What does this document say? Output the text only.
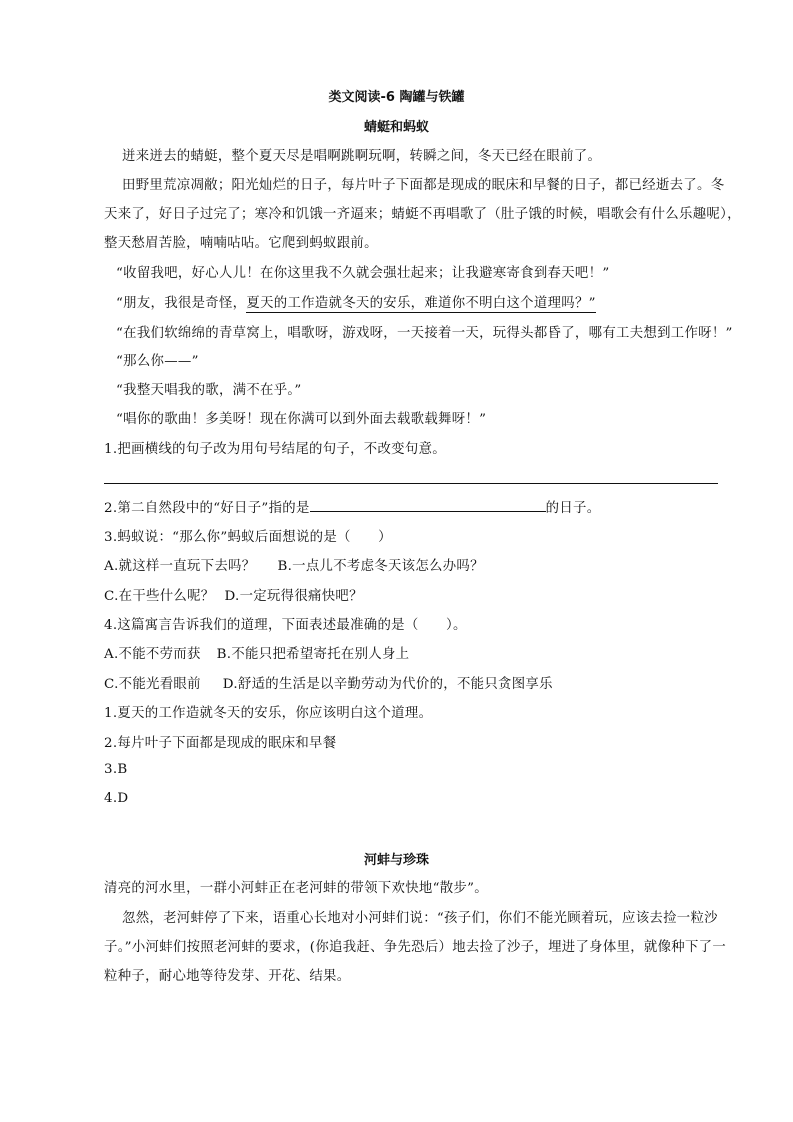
类文阅读-6 陶罐与铁罐
蜻蜓和蚂蚁
迸来迸去的蜻蜓，整个夏天尽是唱啊跳啊玩啊，转瞬之间，冬天已经在眼前了。
田野里荒凉凋敝；阳光灿烂的日子，每片叶子下面都是现成的眠床和早餐的日子，都已经逝去了。冬
天来了，好日子过完了；寒冷和饥饿一齐逼来；蜻蜓不再唱歌了（肚子饿的时候，唱歌会有什么乐趣呢），
整天愁眉苦脸，喃喃呫呫。它爬到蚂蚁跟前。
“收留我吧，好心人儿！在你这里我不久就会强壮起来；让我避寒寄食到春天吧！”
“朋友，我很是奇怪，夏天的工作造就冬天的安乐，难道你不明白这个道理吗？”
“在我们软绵绵的青草窝上，唱歌呀，游戏呀，一天接着一天，玩得头都昏了，哪有工夫想到工作呀！”
“那么你——”
“我整天唱我的歌，满不在乎。”
“唱你的歌曲！多美呀！现在你满可以到外面去载歌载舞呀！”
1.把画横线的句子改为用句号结尾的句子，不改变句意。
2.第二自然段中的“好日子”指的是	的日子。
3.蚂蚁说：“那么你”蚂蚁后面想说的是（　　）
A.就这样一直玩下去吗？ B.一点儿不考虑冬天该怎么办吗？
C.在干些什么呢？ D.一定玩得很痛快吧？
4.这篇寓言告诉我们的道理，下面表述最准确的是（　　）。
A.不能不劳而获 B.不能只把希望寄托在别人身上
C.不能光看眼前 D.舒适的生活是以辛勤劳动为代价的，不能只贪图享乐
1.夏天的工作造就冬天的安乐，你应该明白这个道理。
2.每片叶子下面都是现成的眠床和早餐
3.B
4.D
河蚌与珍珠
清亮的河水里，一群小河蚌正在老河蚌的带领下欢快地“散步”。
忽然，老河蚌停了下来，语重心长地对小河蚌们说：“孩子们，你们不能光顾着玩，应该去捡一粒沙
子。”小河蚌们按照老河蚌的要求，(你追我赶、争先恐后）地去捡了沙子，埋进了身体里，就像种下了一
粒种子，耐心地等待发芽、开花、结果。
